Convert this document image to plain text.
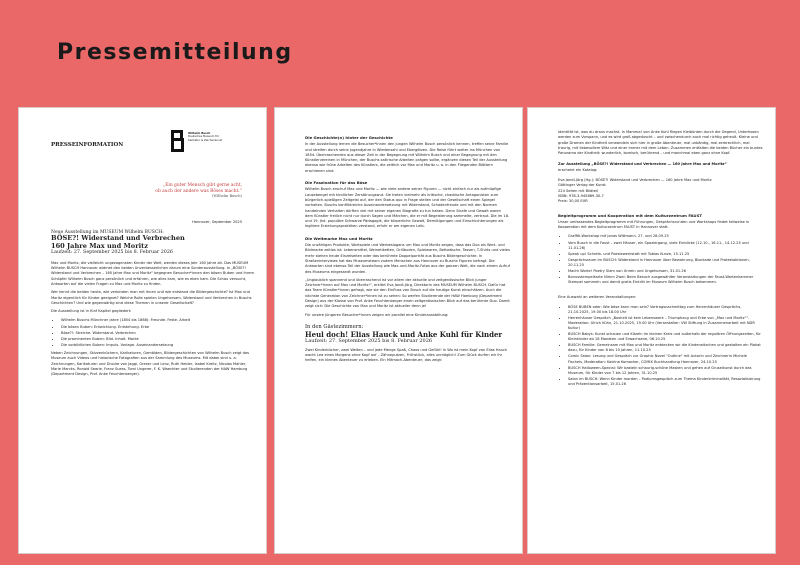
Pressemitteilung
PRESSEINFORMATION
Wilhelm Busch
Deutsches Museum für
Karikatur & Zeichenkunst
„Ein guter Mensch gibt gerne acht,
ob auch der andere was Böses macht.“
(Wilhelm Busch)
Hannover, September 2025

Neue Ausstellung im MUSEUM Wilhelm BUSCH:

BÖSE?! Widerstand und Verbrechen

160 Jahre Max und Moritz

Laufzeit: 27. September 2025 bis 8. Februar 2026

Max und Moritz, die vielleicht ungezogensten Kinder der Welt, werden dieses Jahr 160 Jahre alt. Das MUSEUM Wilhelm BUSCH Hannover widmet den beiden Unverbesserlichen darum eine Sonderausstellung. In „BÖSE?! Widerstand und Verbrechen – 160 Jahre Max und Moritz“ begegnen Besucher*innen den bösen Buben und ihrem Schöpfer Wilhelm Busch ganz persönlich und erfahren, wie alles kam, wie es eben kam. Die Schau versucht, Antworten auf die vielen Fragen zu Max und Moritz zu finden.

Wer kennt die beiden heute, wie verbinden man mit ihnen und wie entstand die Bildergeschichte? Ist Max und Moritz eigentlich für Kinder geeignet? Welche Rolle spielen Ungehorsam, Widerstand und Verbrechen in Buschs Geschichten? Und wie gegenwärtig sind diese Themen in unserer Gesellschaft?

Die Ausstellung ist in fünf Kapitel gegliedert:

• Wilhelm Buschs Münchner Jahre (1854 bis 1868): Freunde. Feste. Arbeit
• Die bösen Buben: Entwicklung. Entstehung. Erbe
• Böse?!: Streiche. Widerstand. Verbrechen
• Die prominenten Buben: Bild. Inhalt. Marke
• Die vorbildlichen Buben: Impuls. Vorlage. Auseinandersetzung

Neben Zeichnungen, Skizzenbüchern, Karikaturen, Gemälden, Bildergeschichten von Wilhelm Busch zeigt das Museum auch Videos und historische Fotografien aus der Sammlung des Museums. Mit dabei sind u. a. Zeichnungen, Karikaturen und Drucke von Jaggi, Greser und Lenz, Ruth Hebler, Isabel Kreitz, Nicolas Mahler, Marie Marcks, Ronald Searle, Franz Suess, Tomi Ungerer, F. K. Waechter und Studierenden der HAW Hamburg (Department Design, Prof. Anke Feuchtenberger).

Die Geschichte(n) hinter der Geschichte

In der Ausstellung lernen die Besucher*innen den jungen Wilhelm Busch persönlich kennen, treffen seine Familie und streifen durch seine Jugendjahre in Wiedensahl und Ebergötzen. Die Reise führt weiter ins München von 1854. Überraschenden aus dieser Zeit in der Begegnung mit Wilhelm Busch und einer Begegnung mit den Künstlervereinen in München, der Buschs satirische Arbeiten prägen sollte, ergänzen diesen Teil der Ausstellung ebenso wie frühe Arbeiten des Künstlers, die zeitlich vor Max und Moritz u. a. in den Fliegenden Blättern erschienen sind.

Die Faszination für das Böse

Wilhelm Busch erschuf Max und Moritz — wie viele andere seiner Figuren — nicht einfach nur als aufmüpfige Lausebengel mit kindlicher Zerstörungswut. Sie treten vielmehr als kritische, chaotische Antagonisten zum bürgerlich-spießigen Zeitgeist auf, der den Status quo in Frage stellen und der Gesellschaft einen Spiegel vorhalten. Buschs konfliktreiche Auseinandersetzung mit Widerstand, Schadenfreude und mit den Normen handelnden Verhalten dürften viel mit seiner eigenen Biografie zu tun haben. Denn Strafe und Gewalt waren dem Künstler freilich nicht nur durch Sagen und Märchen, die er mit Begeisterung sammelte, vertraut. Die im 18. und 19. Jhd. populäre Schwarze Pädagogik, die körperliche Gewalt, Demütigungen und Einschüchterungen als legitime Erziehungspraktiken verstand, erfuhr er am eigenen Leib.

Die Weltmarke Max und Moritz

Die unzähligen Produkte, Wortspiele und Werbeslogans um Max und Moritz zeigen, dass das Duo als Wort- und Bildmarke zeitlos ist: Lebensmittel, Weinetiketten, Grillbuden, Spielwaren, Bettwäsche, Tassen, T-Shirts und vieles mehr stehen heute Einzelseiten oder das berühmte Doppelporträt aus Buschs Bildergeschichte. In Straßeninterviews hat das Museumsteam zudem Menschen aus Hannover zu Buschs Figuren befragt. Die Antworten sind ebenso Teil der Ausstellung wie Max-und-Moritz-Fotos aus der ganzen Welt, die nach einem Aufruf des Museums eingesandt wurden.

„Unglaublich spannend und überraschend ist vor allem der aktuelle und zeitgenössische Blick junger Zeichner*innen auf Max und Moritz!“, erklärt Eva Jandl-Jörg, Direktorin des MUSEUM Wilhelm BUSCH. Dafür hat das Team Künstler*innen gefragt, wie sie den Einfluss von Busch auf die heutige Kunst einschätzen. Auch die nächste Generation von Zeichner*innen ist zu sehen: So werfen Studierende der HAW Hamburg (Department Design) aus der Klasse von Prof. Anke Feuchtenberger einen zeitgenössischen Blick auf das berühmte Duo. Damit zeigt sich: Die Geschichte von Max und Moritz ist aktueller denn je!

Für unsere jüngeren Besucher*innen zeigen wir parallel eine Kinderausstellung:

In den Gästezimmern:

Heul doch! Elias Hauck und Anke Kuhl für Kinder

Laufzeit: 27. September 2025 bis 8. Februar 2026

Zwei Kinderbücher, zwei Welten – und jede Menge Spaß, Chaos und Gefühl! In Wo ist mein Kopf von Elias Hauck wacht Lea eines Morgens ohne Kopf auf – Zähneputzen, Frühstück, alles unmöglich! Zum Glück durfen wir ihr helfen, ein kleines Abenteuer zu erleben. Ein Mitmach-Abenteuer, das zeigt:

Identität ist, was du draus machst. In Mamma! von Anke Kuhl fliegen Kleibünten durch die Gegend, Unterhosen werden zum Vorspann, und es wird groß abgeduscht – und zwischendurch auch mal richtig geheult. Kleine und große Dramen der Kindheit verwandeln sich hier in große Abenteuer, mal unbändig, mal zerbrechlich, mal traurig, mit liebevollem Witz und einer immer mit dem Leben. Zusammen entfalten die beiden Bücher ein buntes Panorama der Kindheit: wunderlich, komisch, berührend – und manchmal eben ganz ohne Kopf.

Zur Ausstellung „BÖSE?! Widerstand und Verbrechen — 160 Jahre Max und Moritz“

erscheint ein Katalog:

Eva Jandl-Jörg (Hg.): BÖSE?! Widerstand und Verbrechen — 160 Jahre Max und Moritz
Göttinger Verlag der Kunst
224 Seiten mit Bildteil
ISBN: 978-3-945869-30-7
Preis: 30,00 EUR

Begleitprogramm und Kooperation mit dem Kulturzentrum FAUST

Unser umfassendes Begleitprogramm mit Führungen, Gesprächsrunden und Workshops findet teilweise in Kooperation mit dem Kulturzentrum FAUST in Hannover statt.

• Graffiti-Workshop mit Jonas Wittmann, 27. und 28.09.25
• Vom Busch in die Faust – zwei Häuser, ein Spaziergang, viele Einblicke (12.10., 16.11., 14.12.25 und 11.01.26)
• Speak up! Schreib- und Poesiewerkstatt mit Tobias Kunze, 15.11.25
• Gesprächsraum im BUSCH: Widerstand in Hannover über Bewahrung, Blockade und Protestaktionen, 20.11.25
• Macht Worte! Poetry Slam von Unrein und Ungehorsam, 31.01.26
• Bonusstempelkarte Nimm Zwei: Beim Besuch ausgewählter Veranstaltungen der Faust-Wartenkammer Stempel sammeln und damit gratis Eintritt im Museum Wilhelm Busch bekommen.

Eine Auswahl an weiteren Veranstaltungen:

• BÖSE BUBEN oder: Wie böse kann man sein? Vortragsnachmittag zum Herrenhäuser Gesprächs, 21.10.2025, 19.00 bis 18.00 Uhr
• Herrenhäuser Gespräch „Bosheit ist kein Lebenswerk – Triumphzug und Erbe von „Max und Moritz““. Moderation: Ulrich Kühn, 21.10.2025, 19.00 Uhr (Veranstalter: VW Stiftung in Zusammenarbeit mit NDR Kultur)
• BUSCH Babys: Kunst schauen und Kitzeln im kleinen Kreis und außerhalb der regulären Öffnungszeiten, für Kleinkinder ab 18 Monaten und Erwachsene, 06.10.25
• BUSCH Familie: Gemeinsam mit Max und Moritz entdecken wir die Kinderwitzchen und gestalten ein Plakat dazu, für Kinder von 6 bis 10 Jahren, 11.10.25
• Comic Salon: Lesung und Gespräch zur Graphic Novel "Outline" mit Autorin und Zeichnerin Michele Fischels, Moderation: Katrina Komacker, COMIX Buchhandlung Hannover, 24.10.25
• BUSCH Halloween-Special: Wir basteln schaurig-schöne Masken und gehen auf Gruselkunst durch das Museum, für Kinder von 7 bis 12 Jahren, 31.10.25
• Salon im BUSCH: Wenn Kinder morden – Podiumsgespräch zum Thema Kinderkriminalität, Resozialisierung und Präventionsarbeit, 15.01.26
